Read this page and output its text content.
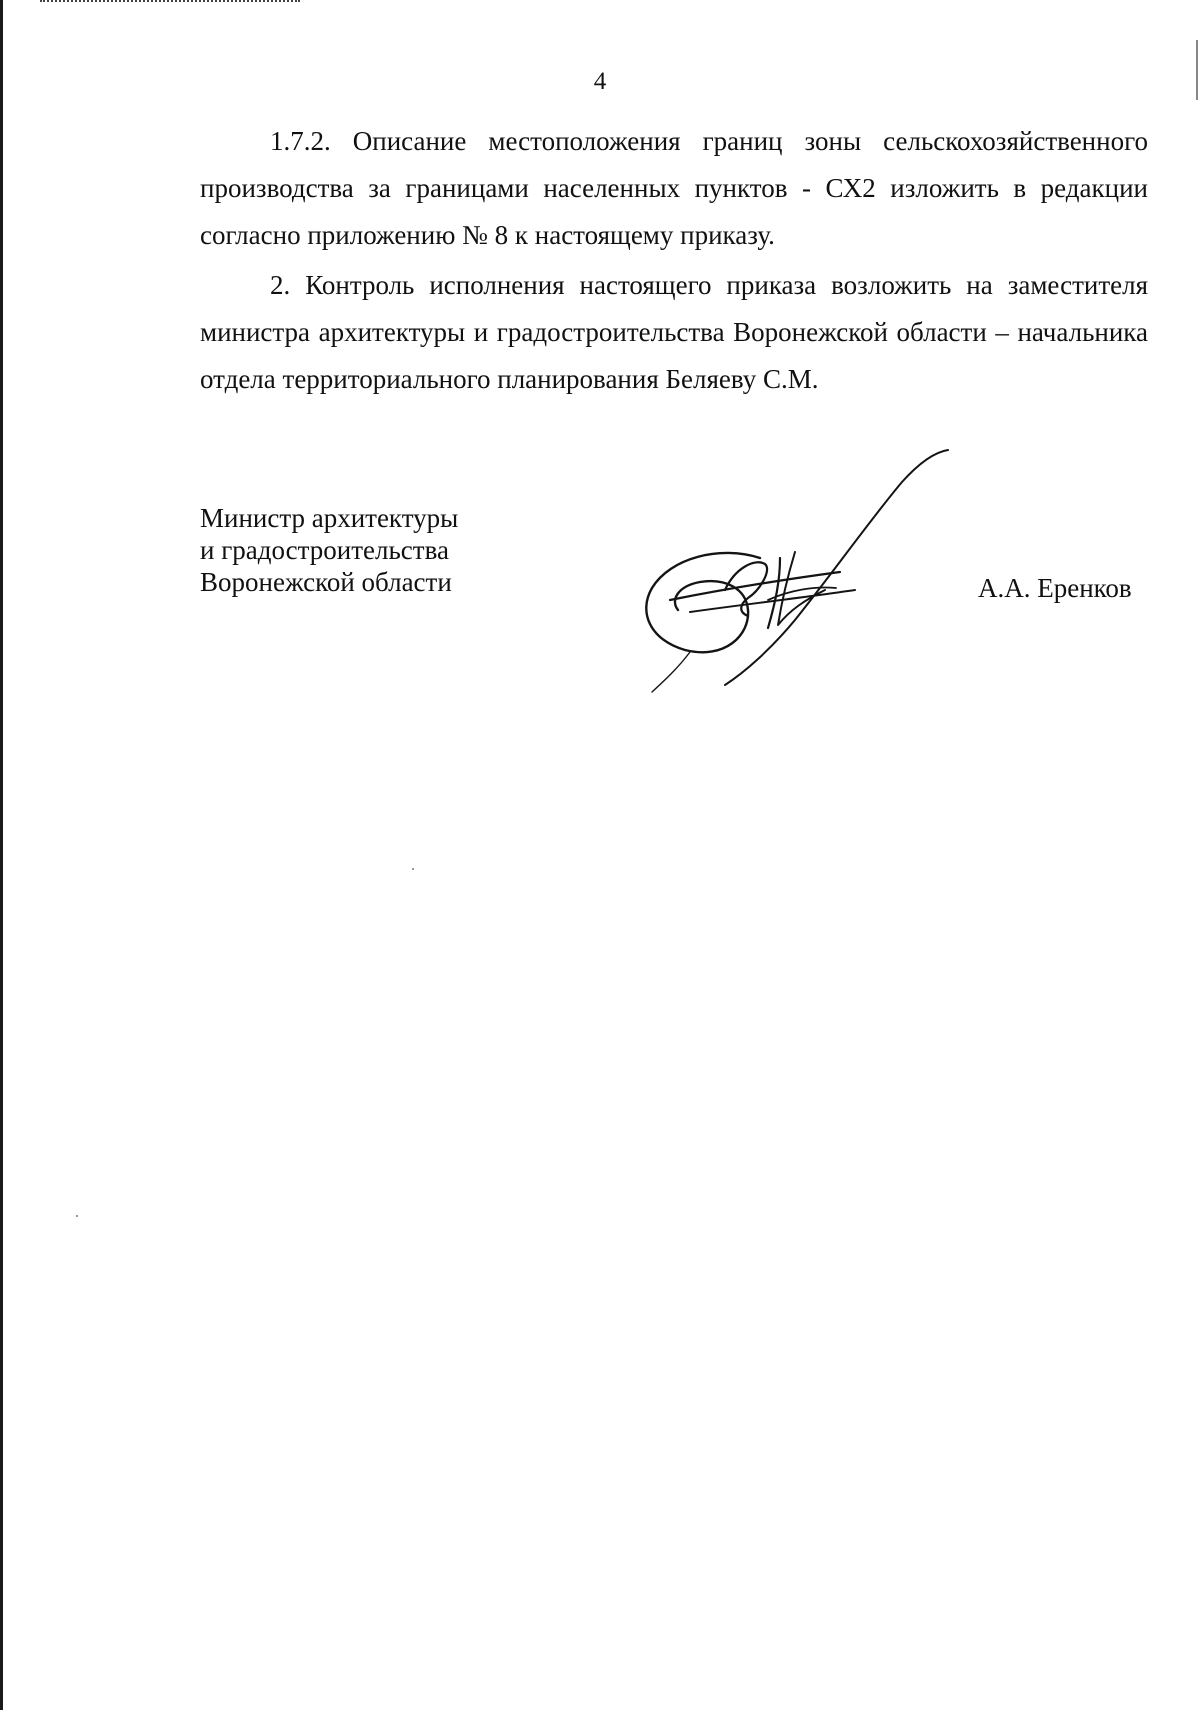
4

1.7.2. Описание местоположения границ зоны сельскохозяйственного производства за границами населенных пунктов - СХ2 изложить в редакции согласно приложению № 8 к настоящему приказу.

2. Контроль исполнения настоящего приказа возложить на заместителя министра архитектуры и градостроительства Воронежской области – начальника отдела территориального планирования Беляеву С.М.

Министр архитектуры
и градостроительства
Воронежской области	А.А. Еренков
